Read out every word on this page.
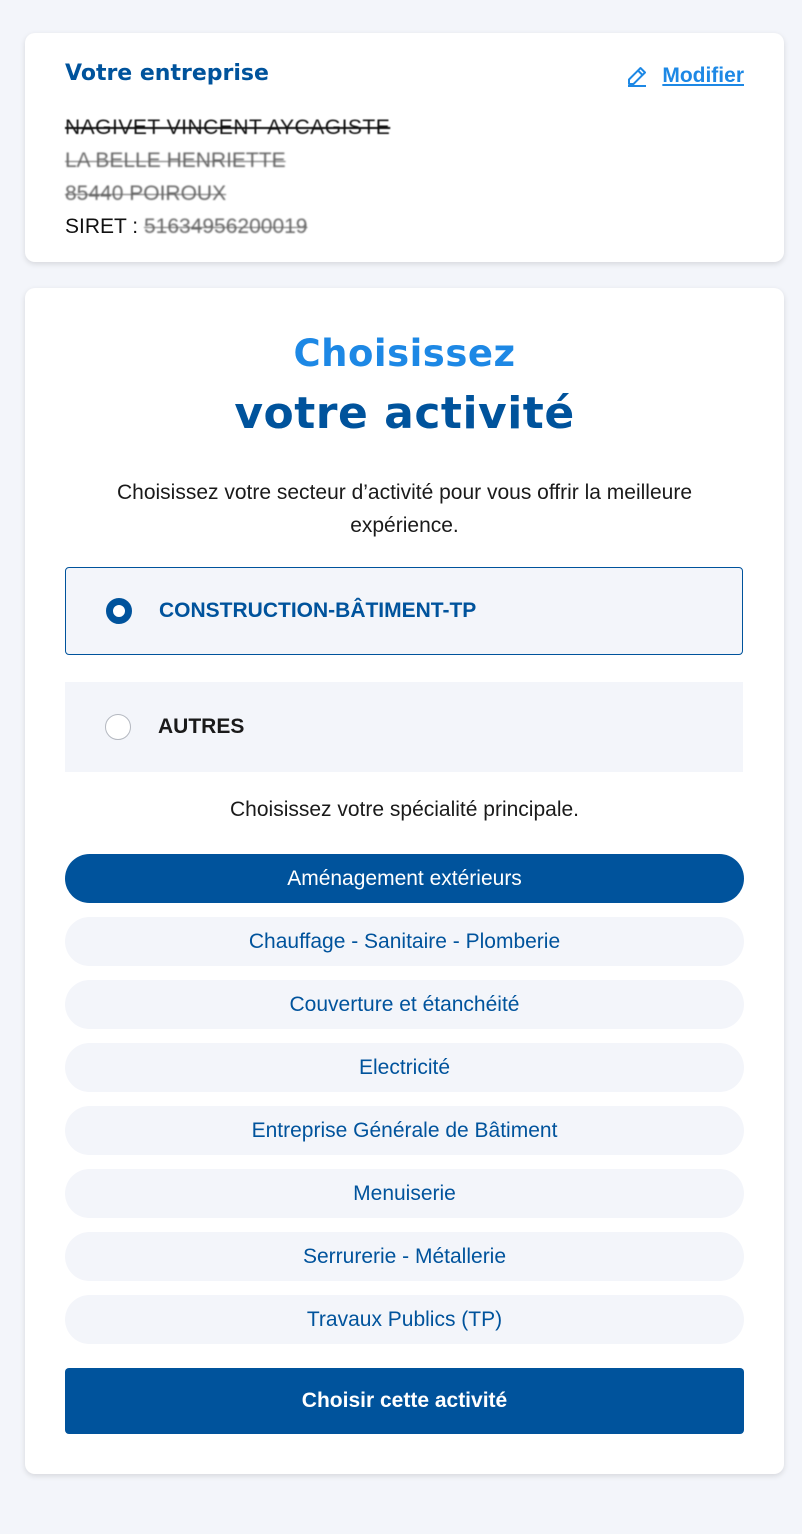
Votre entreprise	Modifier
NAGIVET VINCENT AYCAGISTE
LA BELLE HENRIETTE
85440 POIROUX
SIRET : 51634956200019
Choisissez
votre activité

Choisissez votre secteur d’activité pour vous offrir la meilleure expérience.

CONSTRUCTION-BÂTIMENT-TP
AUTRES

Choisissez votre spécialité principale.

Aménagement extérieurs
Chauffage - Sanitaire - Plomberie
Couverture et étanchéité
Electricité
Entreprise Générale de Bâtiment
Menuiserie
Serrurerie - Métallerie
Travaux Publics (TP)
Choisir cette activité
